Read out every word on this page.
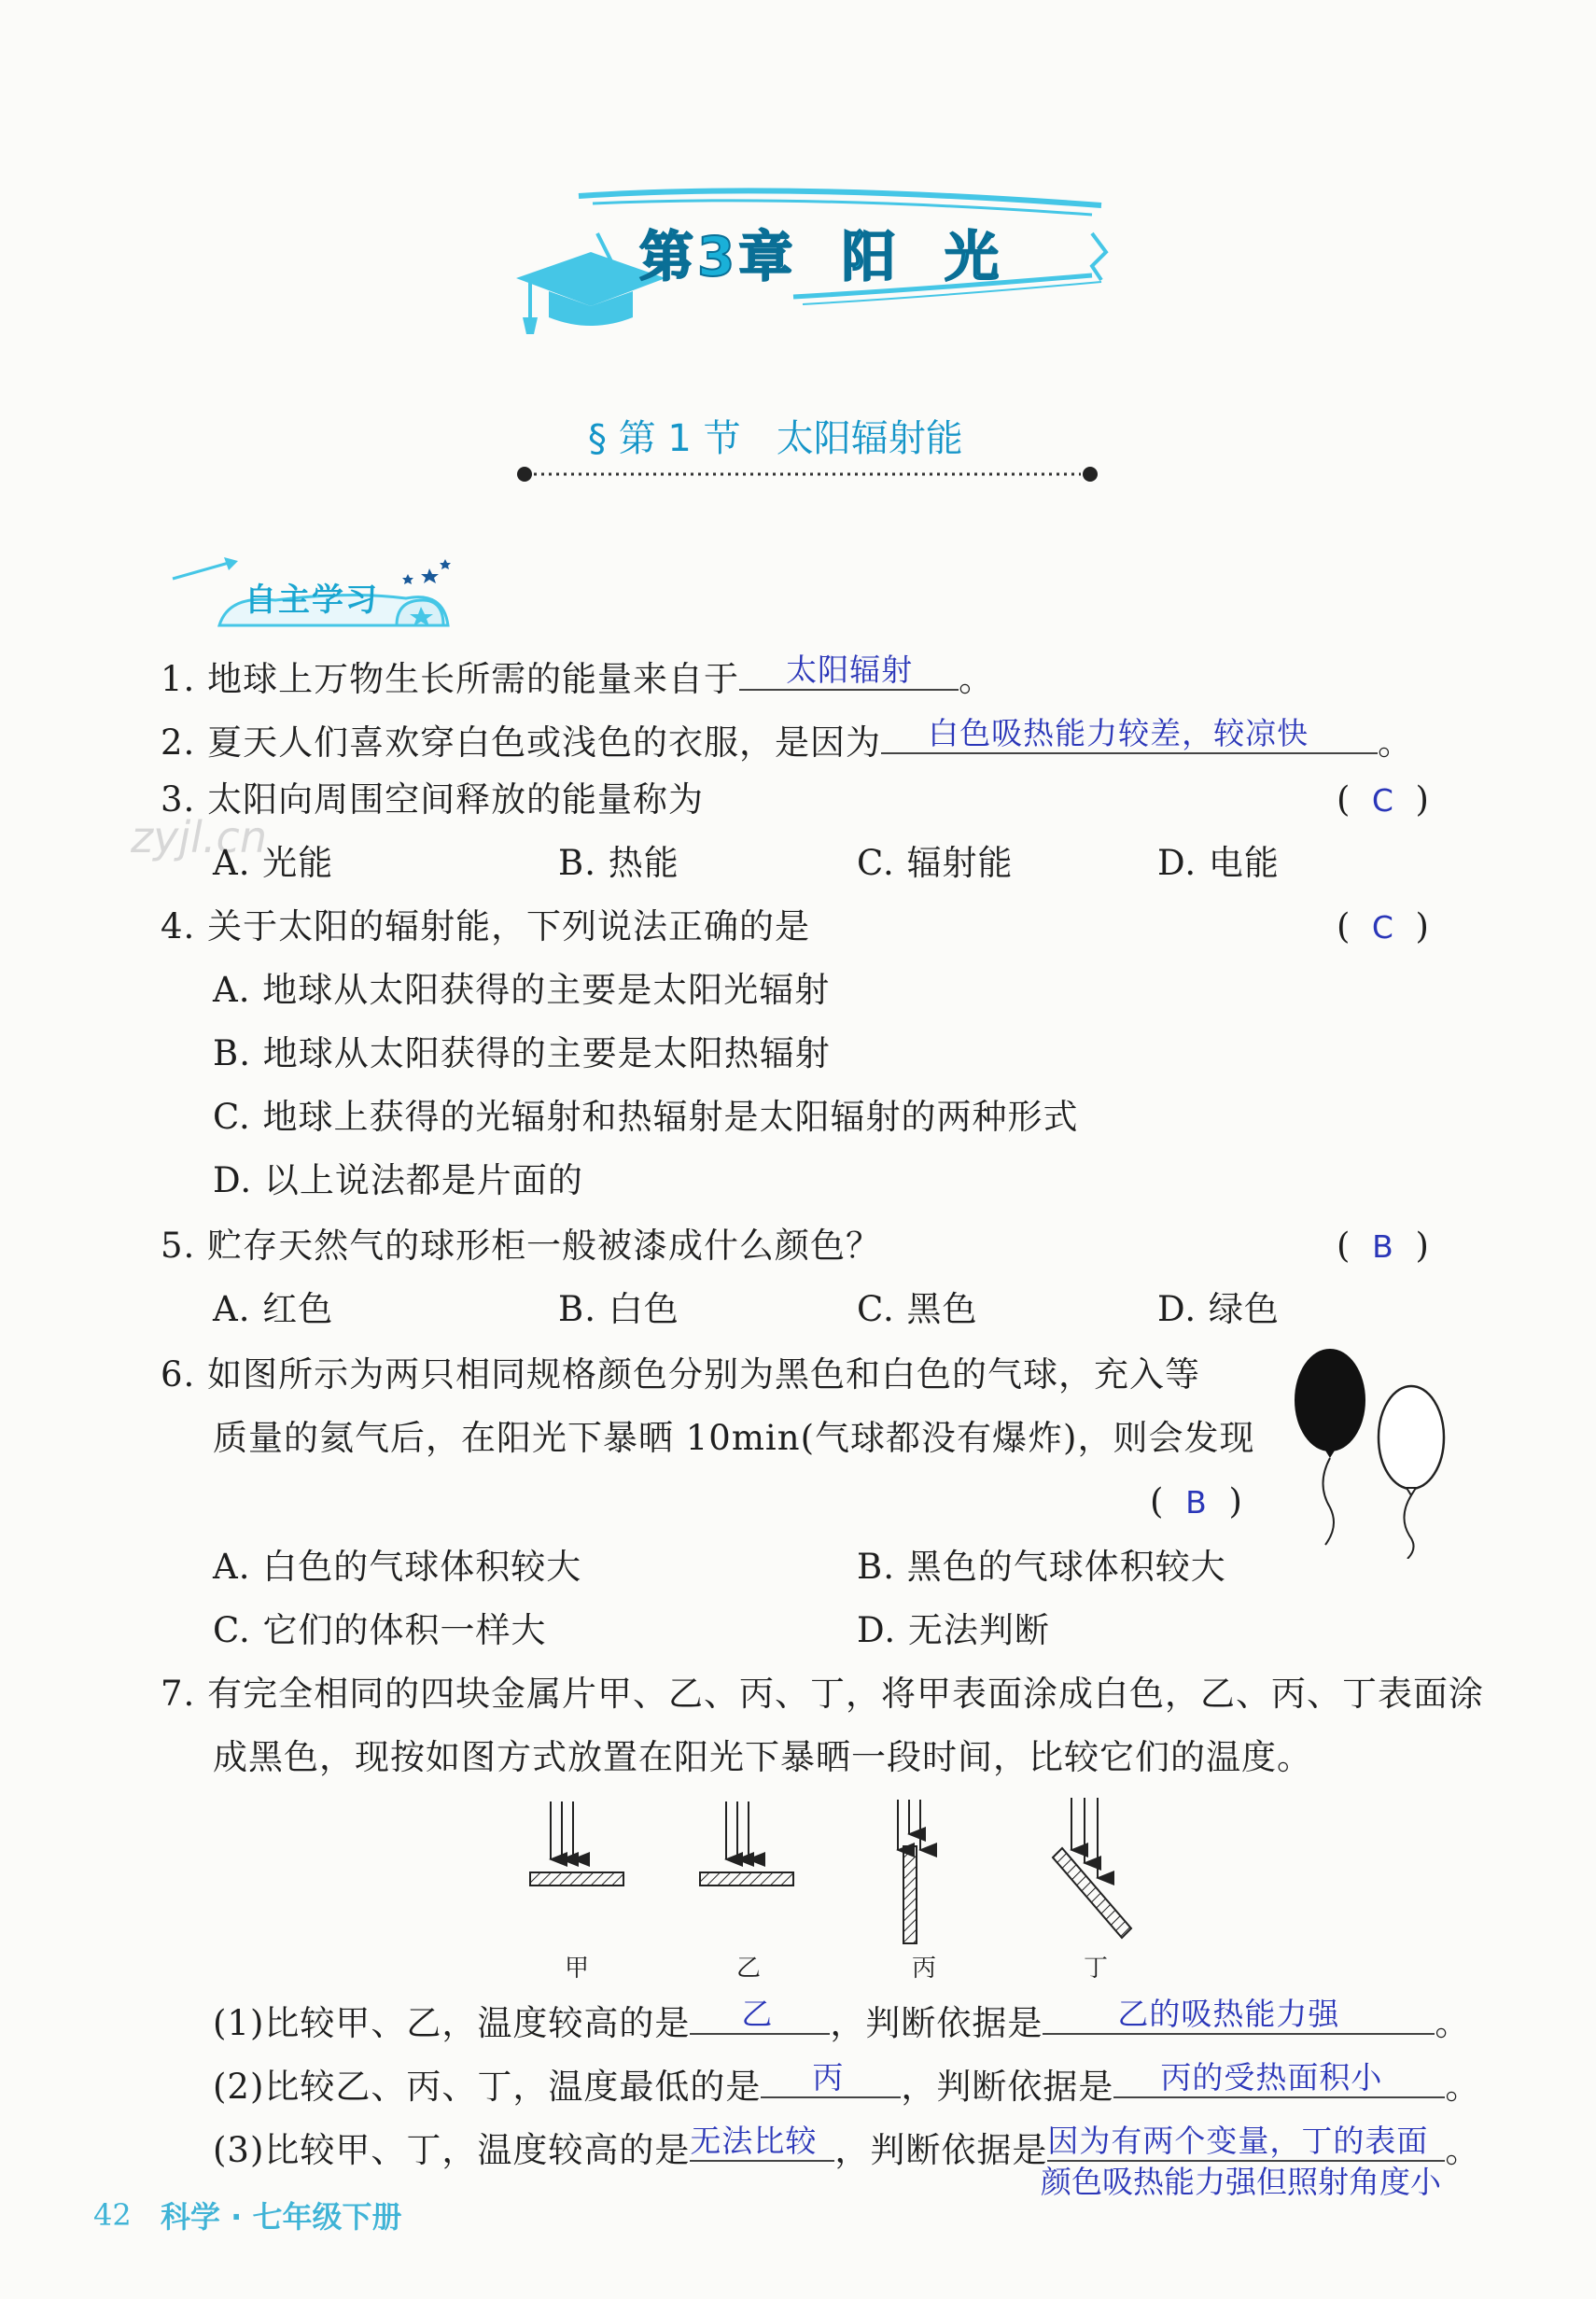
第3章  阳  光
§ 第 1 节   太阳辐射能
自主学习
zyjl.cn
1. 地球上万物生长所需的能量来自于 太阳辐射 。
2. 夏天人们喜欢穿白色或浅色的衣服，是因为 白色吸热能力较差，较凉快 。
3. 太阳向周围空间释放的能量称为	( C )
A. 光能	B. 热能	C. 辐射能	D. 电能
4. 关于太阳的辐射能，下列说法正确的是	( C )
A. 地球从太阳获得的主要是太阳光辐射
B. 地球从太阳获得的主要是太阳热辐射
C. 地球上获得的光辐射和热辐射是太阳辐射的两种形式
D. 以上说法都是片面的
5. 贮存天然气的球形柜一般被漆成什么颜色？	( B )
A. 红色	B. 白色	C. 黑色	D. 绿色
6. 如图所示为两只相同规格颜色分别为黑色和白色的气球，充入等
质量的氦气后，在阳光下暴晒 10min(气球都没有爆炸)，则会发现
( B )
A. 白色的气球体积较大	B. 黑色的气球体积较大
C. 它们的体积一样大	D. 无法判断
7. 有完全相同的四块金属片甲、乙、丙、丁，将甲表面涂成白色，乙、丙、丁表面涂
成黑色，现按如图方式放置在阳光下暴晒一段时间，比较它们的温度。
甲	乙	丙	丁
(1)比较甲、乙，温度较高的是 乙 ，判断依据是 乙的吸热能力强	。
(2)比较乙、丙、丁，温度最低的是 丙 ，判断依据是 丙的受热面积小 。
(3)比较甲、丁，温度较高的是 无法比较 ，判断依据是 因为有两个变量，丁的表面 。
颜色吸热能力强但照射角度小
42 科学 · 七年级下册
